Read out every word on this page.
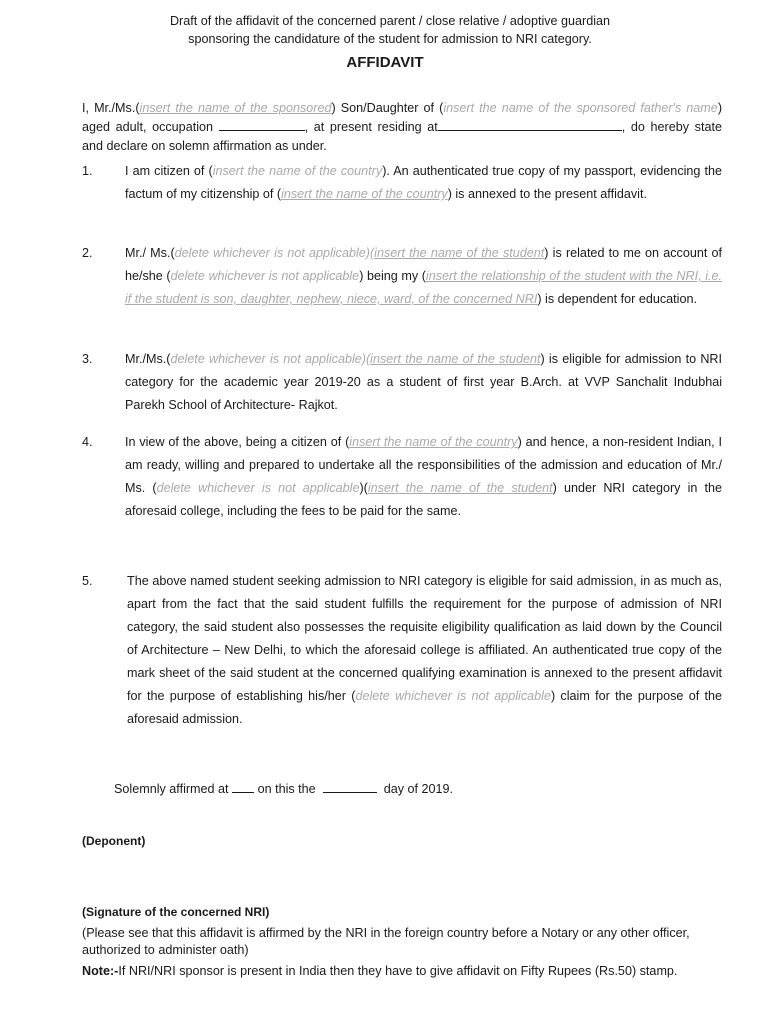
Draft of the affidavit of the concerned parent / close relative / adoptive guardian
sponsoring the candidature of the student for admission to NRI category.
AFFIDAVIT
I, Mr./Ms.(insert the name of the sponsored) Son/Daughter of (insert the name of the sponsored father's name) aged adult, occupation	, at present residing at	, do hereby state and declare on solemn affirmation as under.
1.	I am citizen of (insert the name of the country). An authenticated true copy of my passport, evidencing the factum of my citizenship of (insert the name of the country) is annexed to the present affidavit.
2.	Mr./ Ms.(delete whichever is not applicable)(insert the name of the student) is related to me on account of he/she (delete whichever is not applicable) being my (insert the relationship of the student with the NRI, i.e. if the student is son, daughter, nephew, niece, ward, of the concerned NRI) is dependent for education.
3.	Mr./Ms.(delete whichever is not applicable)(insert the name of the student) is eligible for admission to NRI category for the academic year 2019-20 as a student of first year B.Arch. at VVP Sanchalit Indubhai Parekh School of Architecture- Rajkot.
4.	In view of the above, being a citizen of (insert the name of the country) and hence, a non-resident Indian, I am ready, willing and prepared to undertake all the responsibilities of the admission and education of Mr./ Ms. (delete whichever is not applicable)(insert the name of the student) under NRI category in the aforesaid college, including the fees to be paid for the same.
5.	The above named student seeking admission to NRI category is eligible for said admission, in as much as, apart from the fact that the said student fulfills the requirement for the purpose of admission of NRI category, the said student also possesses the requisite eligibility qualification as laid down by the Council of Architecture – New Delhi, to which the aforesaid college is affiliated. An authenticated true copy of the mark sheet of the said student at the concerned qualifying examination is annexed to the present affidavit for the purpose of establishing his/her (delete whichever is not applicable) claim for the purpose of the aforesaid admission.
Solemnly affirmed at on this the	day of 2019.
(Deponent)
(Signature of the concerned NRI)
(Please see that this affidavit is affirmed by the NRI in the foreign country before a Notary or any other officer, authorized to administer oath)
Note:-If NRI/NRI sponsor is present in India then they have to give affidavit on Fifty Rupees (Rs.50) stamp.
